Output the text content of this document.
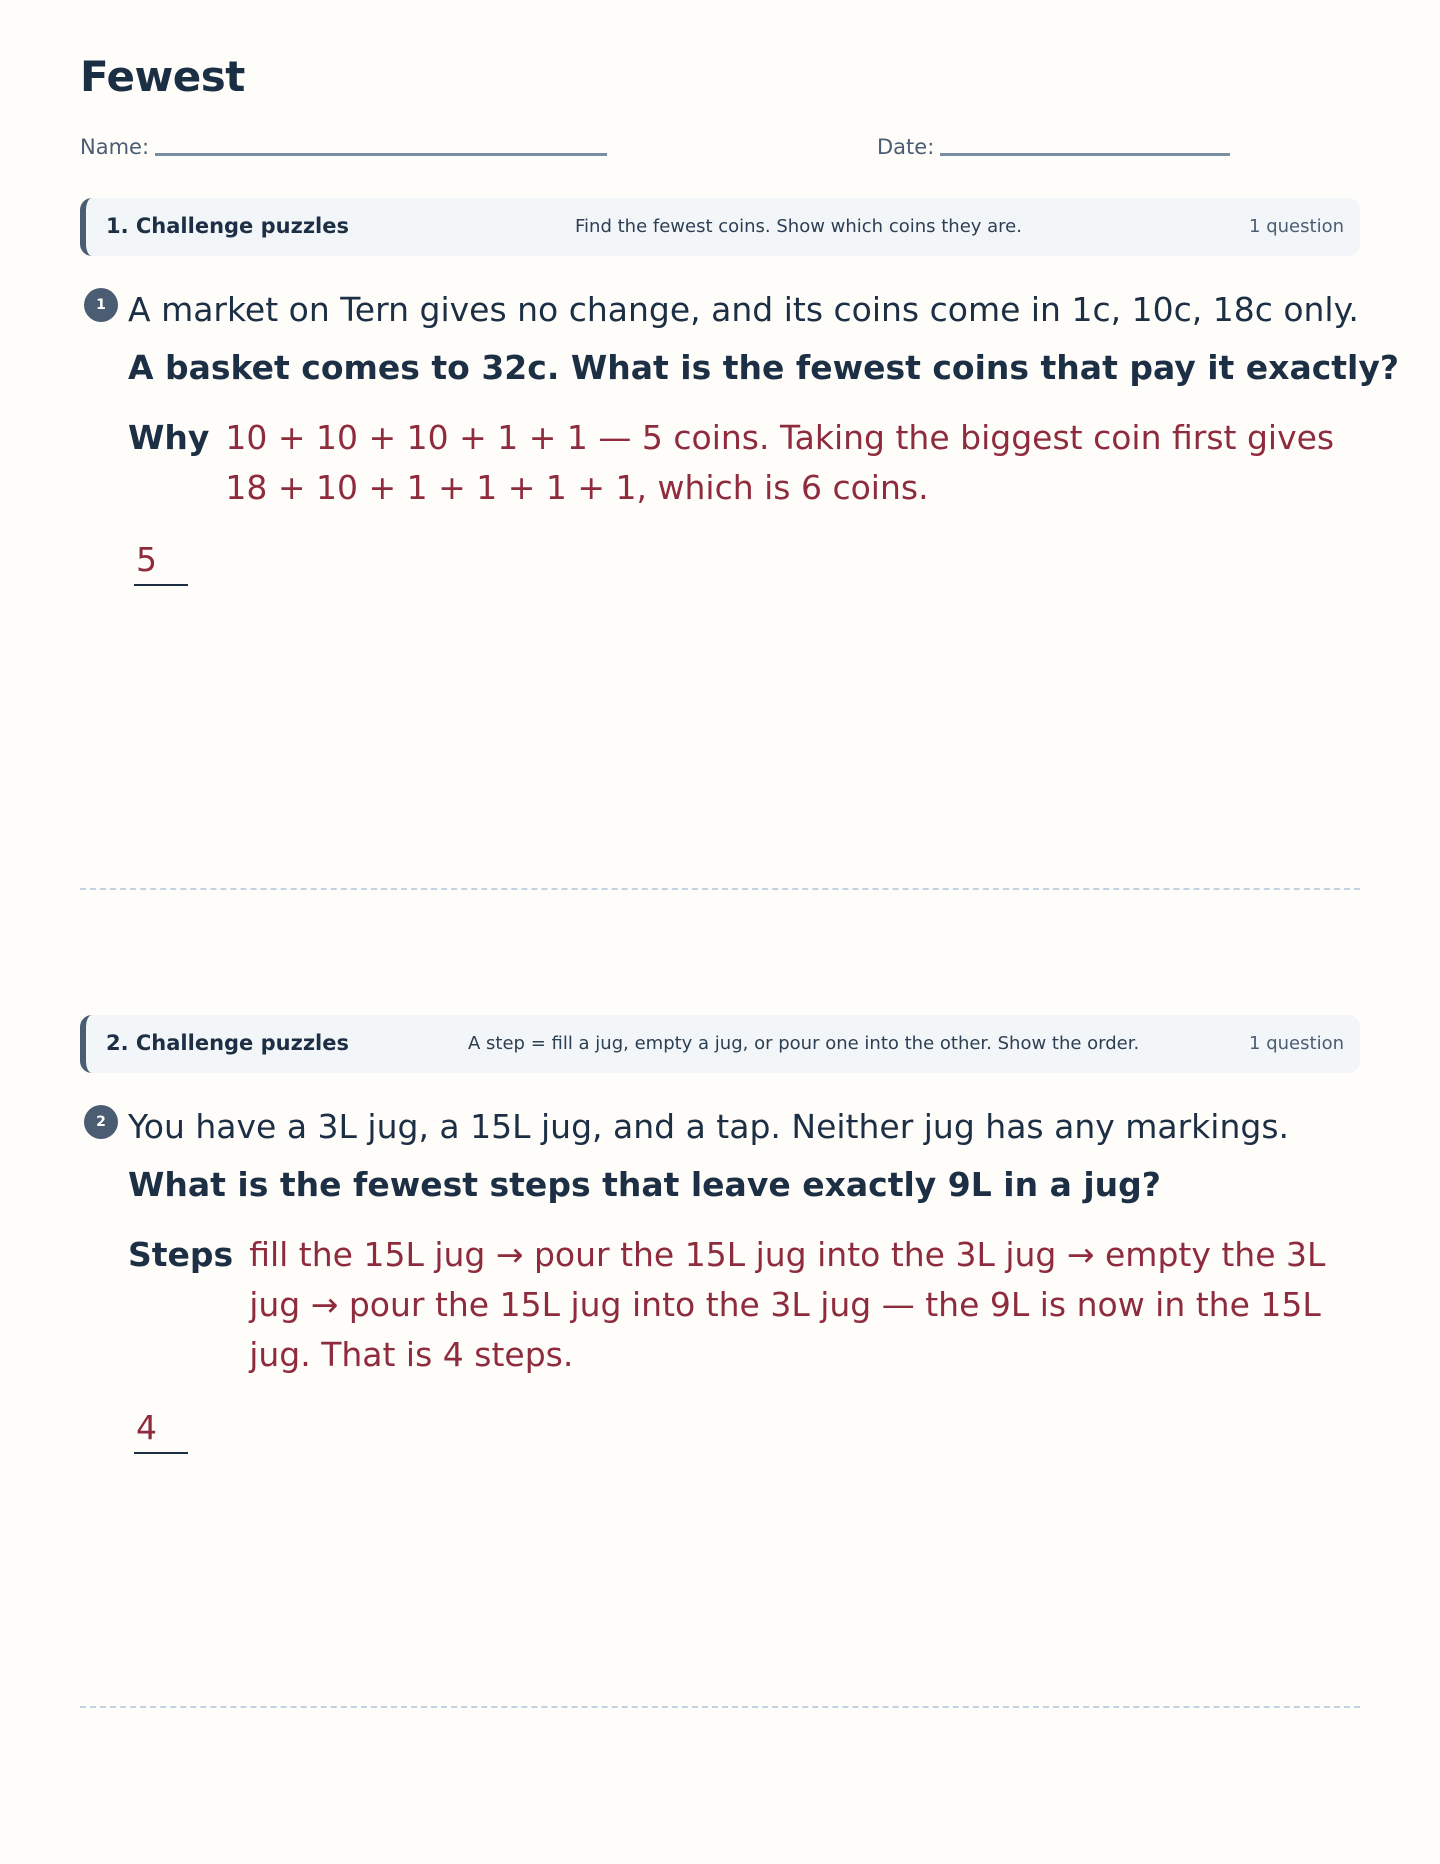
Fewest
Name:	Date:
1. Challenge puzzles	Find the fewest coins. Show which coins they are.	1 question
1 A market on Tern gives no change, and its coins come in 1c, 10c, 18c only.
A basket comes to 32c. What is the fewest coins that pay it exactly?
Why 10 + 10 + 10 + 1 + 1 — 5 coins. Taking the biggest coin first gives 18 + 10 + 1 + 1 + 1 + 1, which is 6 coins.
5
2. Challenge puzzles	A step = fill a jug, empty a jug, or pour one into the other. Show the order.	1 question
2 You have a 3L jug, a 15L jug, and a tap. Neither jug has any markings.
What is the fewest steps that leave exactly 9L in a jug?
Steps fill the 15L jug → pour the 15L jug into the 3L jug → empty the 3L jug → pour the 15L jug into the 3L jug — the 9L is now in the 15L jug. That is 4 steps.
4
